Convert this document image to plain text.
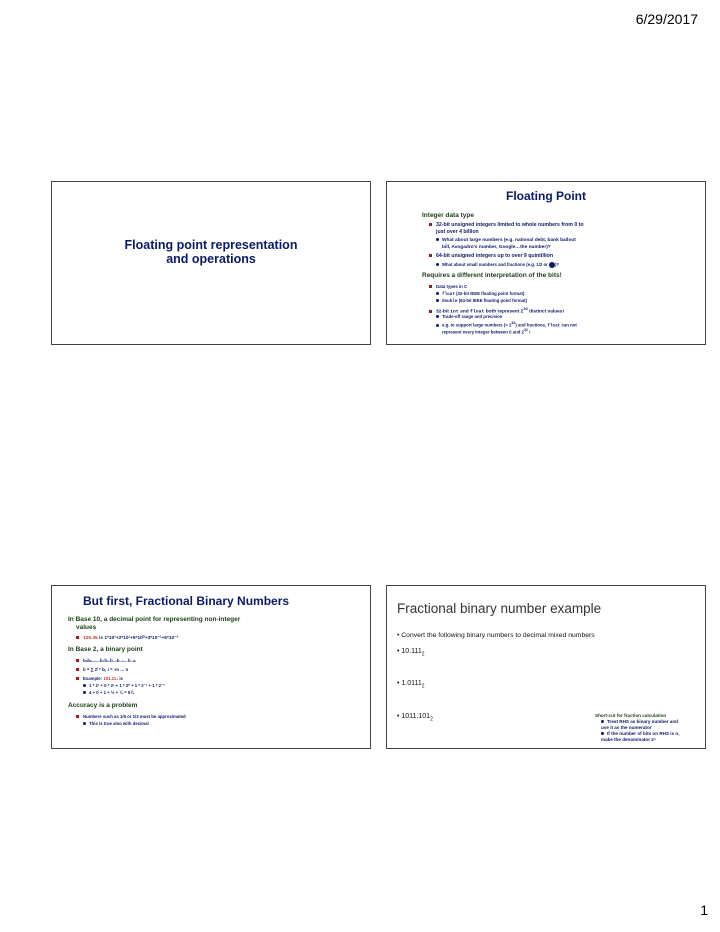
6/29/2017
Floating point representation
and operations
Floating Point
Integer data type
32-bit unsigned integers limited to whole numbers from 0 to
just over 4 billion
What about large numbers (e.g. national debt, bank bailout
bill, Avogadro's number, Google…the number)?
64-bit unsigned integers up to over 9 quintillion
What about small numbers and fractions (e.g. 1/2 or )?
Requires a different interpretation of the bits!
Data types in C
float (32-bit IEEE floating point format)
double (64-bit IEEE floating point format)
32-bit int and float both represent $2^{32}$ distinct values!
Trade-off range and precision
e.g. to support large numbers (> $2^{32}$) and fractions, float can not
represent every integer between 0 and $2^{32}$ !
But first, Fractional Binary Numbers
In Base 10, a decimal point for representing non-integer
values
125.35 is 1*10²+2*10¹+5*10⁰+3*10⁻¹+5*10⁻²
In Base 2, a binary point
bₙbₙ₋₁…b₁b₀.b₋₁b₋₂…b₋ₘ
b = ∑ 2ⁱ * bᵢ, i = -m … n
Example: 101.11₂ is
1 * 2² + 0 * 2¹ + 1 * 2⁰ + 1 * 2⁻¹ + 1 * 2⁻²
4 + 0 + 1 + ½ + ¼ = 5¾
Accuracy is a problem
Numbers such as 1/5 or 1/3 must be approximated
This is true also with decimal
Fractional binary number example
• Convert the following binary numbers to decimal mixed numbers
• $10.111_2$
• $1.0111_2$
• $1011.101_2$
Short-cut for fraction calculation
Treat RHS as binary number and
use it as the numerator
If the number of bits on RHS is n,
make the denominator 2ⁿ
1
